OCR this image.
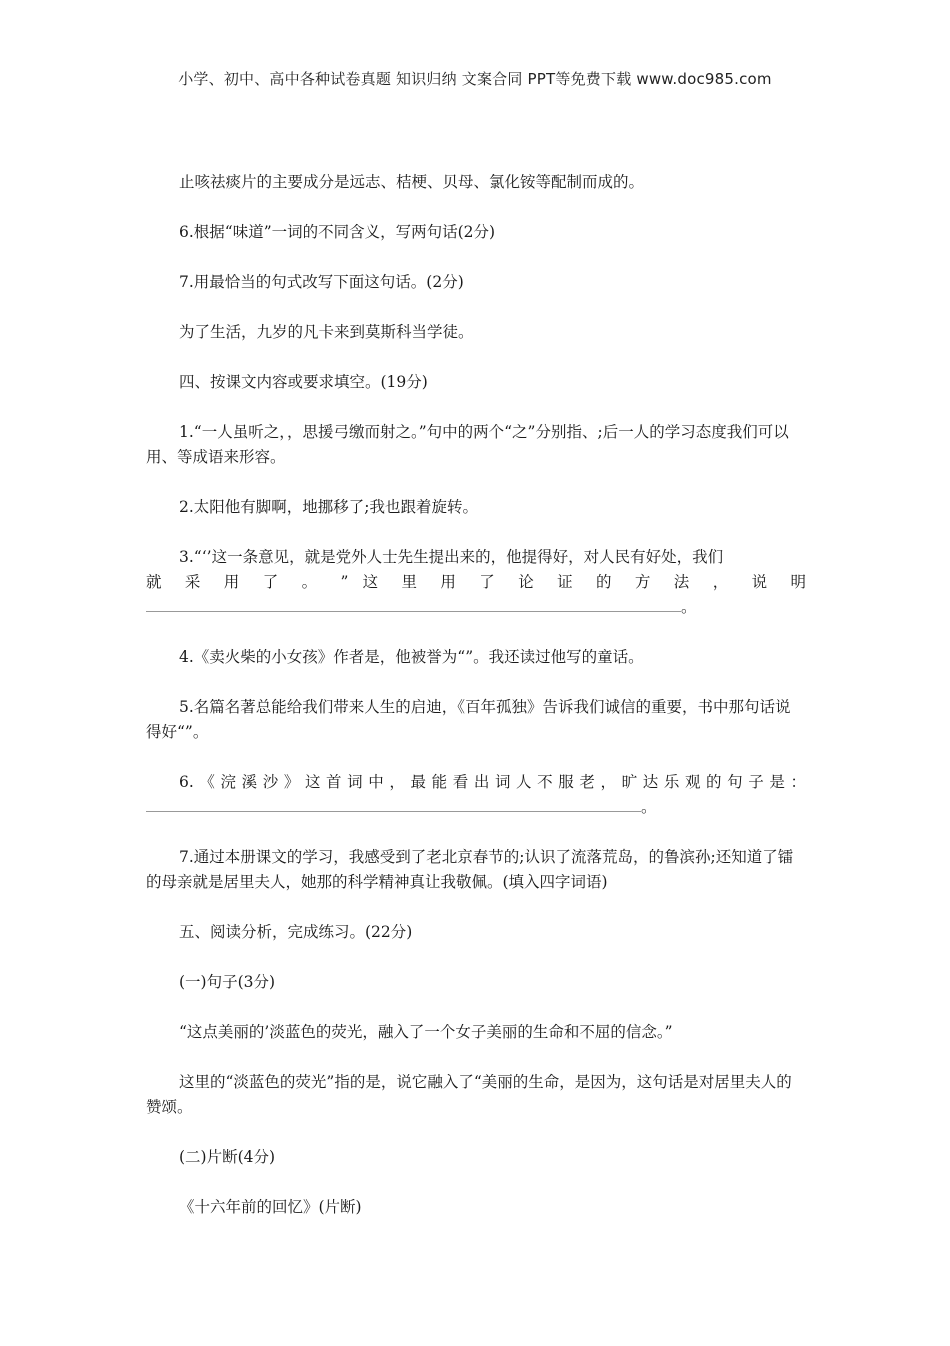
小学、初中、高中各种试卷真题 知识归纳 文案合同 PPT等免费下载 www.doc985.com

止咳祛痰片的主要成分是远志、桔梗、贝母、氯化铵等配制而成的。

6.根据“味道”一词的不同含义，写两句话(2分)

7.用最恰当的句式改写下面这句话。(2分)

为了生活，九岁的凡卡来到莫斯科当学徒。

四、按课文内容或要求填空。(19分)

1.“一人虽听之，，思援弓缴而射之。”句中的两个“之”分别指、;后一人的学习态度我们可以用、等成语来形容。

2.太阳他有脚啊，地挪移了;我也跟着旋转。

3.“‘’这一条意见，就是党外人士先生提出来的，他提得好，对人民有好处，我们

就 采 用 了 。 ” 这 里 用 了 论 证 的 方 法 ， 说 明

。

4.《卖火柴的小女孩》作者是，他被誉为“”。我还读过他写的童话。

5.名篇名著总能给我们带来人生的启迪，《百年孤独》告诉我们诚信的重要，书中那句话说得好“”。

6.《浣溪沙》这首词中，最能看出词人不服老，旷达乐观的句子是：

。

7.通过本册课文的学习，我感受到了老北京春节的;认识了流落荒岛，的鲁滨孙;还知道了镭的母亲就是居里夫人，她那的科学精神真让我敬佩。(填入四字词语)

五、阅读分析，完成练习。(22分)

(一)句子(3分)

“这点美丽的’淡蓝色的荧光，融入了一个女子美丽的生命和不屈的信念。”

这里的“淡蓝色的荧光”指的是，说它融入了“美丽的生命，是因为，这句话是对居里夫人的赞颂。

(二)片断(4分)

《十六年前的回忆》(片断)
